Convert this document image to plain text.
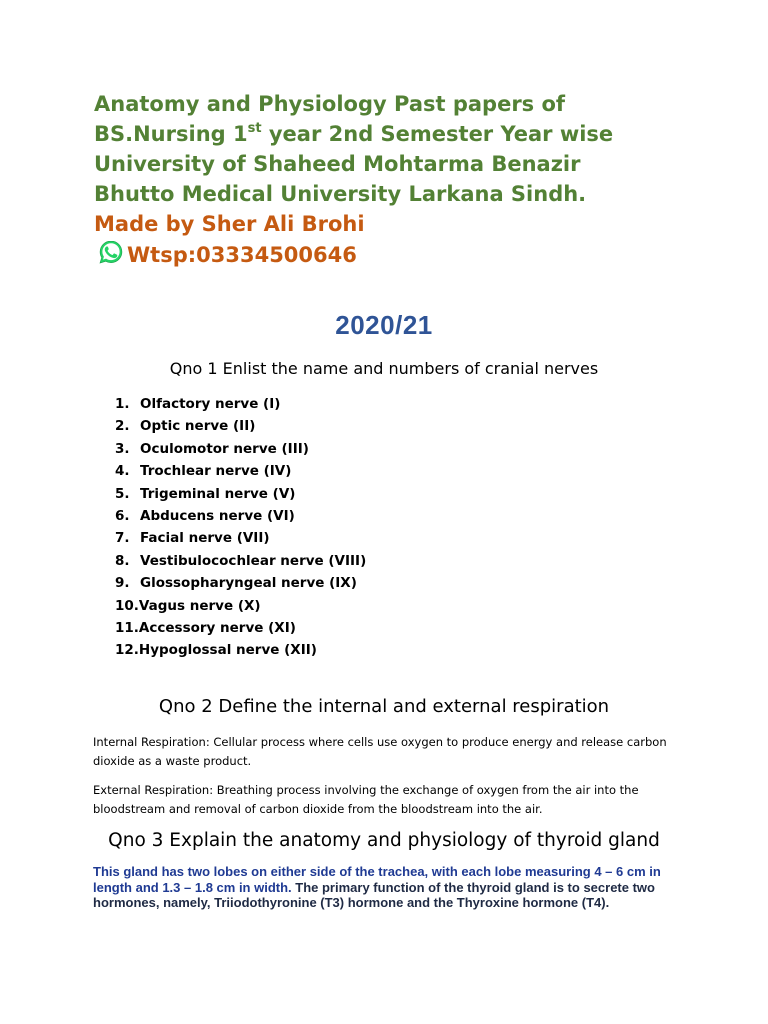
Anatomy and Physiology Past papers of
BS.Nursing 1st year 2nd Semester Year wise
University of Shaheed Mohtarma Benazir
Bhutto Medical University Larkana Sindh.
Made by Sher Ali Brohi
Wtsp:03334500646
2020/21
Qno 1 Enlist the name and numbers of cranial nerves
1. Olfactory nerve (I)
2. Optic nerve (II)
3. Oculomotor nerve (III)
4. Trochlear nerve (IV)
5. Trigeminal nerve (V)
6. Abducens nerve (VI)
7. Facial nerve (VII)
8. Vestibulocochlear nerve (VIII)
9. Glossopharyngeal nerve (IX)
10. Vagus nerve (X)
11. Accessory nerve (XI)
12. Hypoglossal nerve (XII)
Qno 2 Define the internal and external respiration
Internal Respiration: Cellular process where cells use oxygen to produce energy and release carbon dioxide as a waste product.
External Respiration: Breathing process involving the exchange of oxygen from the air into the bloodstream and removal of carbon dioxide from the bloodstream into the air.
Qno 3 Explain the anatomy and physiology of thyroid gland
This gland has two lobes on either side of the trachea, with each lobe measuring 4 – 6 cm in length and 1.3 – 1.8 cm in width. The primary function of the thyroid gland is to secrete two hormones, namely, Triiodothyronine (T3) hormone and the Thyroxine hormone (T4).
